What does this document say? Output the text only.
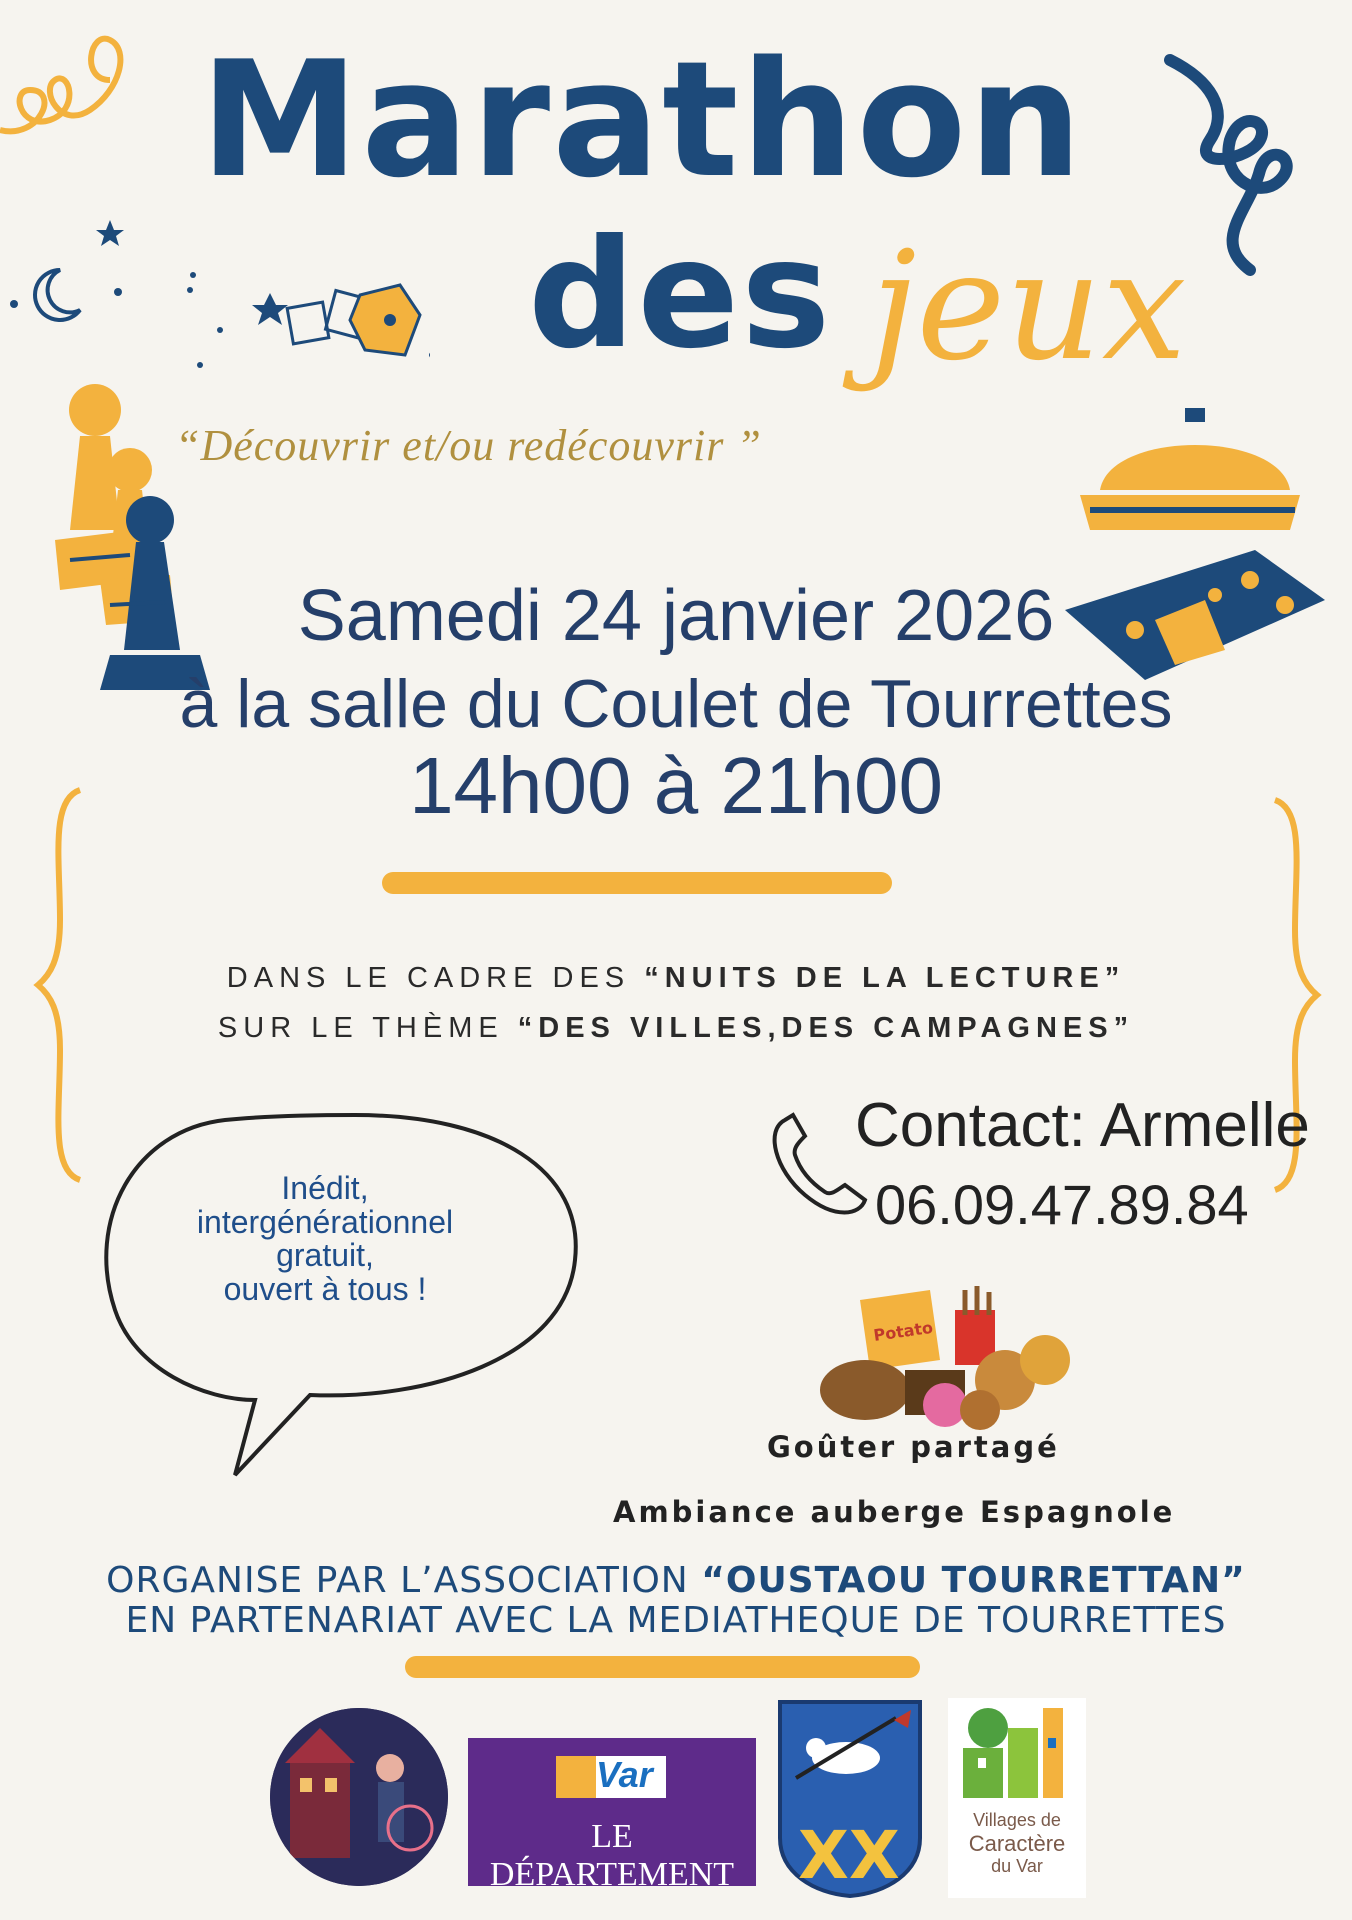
Marathon
des jeux
“Découvrir et/ou redécouvrir ”
Samedi 24 janvier 2026
à la salle du Coulet de Tourrettes
14h00 à 21h00
DANS LE CADRE DES “NUITS DE LA LECTURE”
SUR LE THÈME “DES VILLES,DES CAMPAGNES”
Contact: Armelle
06.09.47.89.84
Inédit,
intergénérationnel
gratuit,
ouvert à tous !
Potato
Goûter partagé
Ambiance auberge Espagnole
ORGANISE PAR L’ASSOCIATION “OUSTAOU TOURRETTAN”
EN PARTENARIAT AVEC LA MEDIATHEQUE DE TOURRETTES
Var
LE DÉPARTEMENT XX	Villages de
Caractère
du Var
